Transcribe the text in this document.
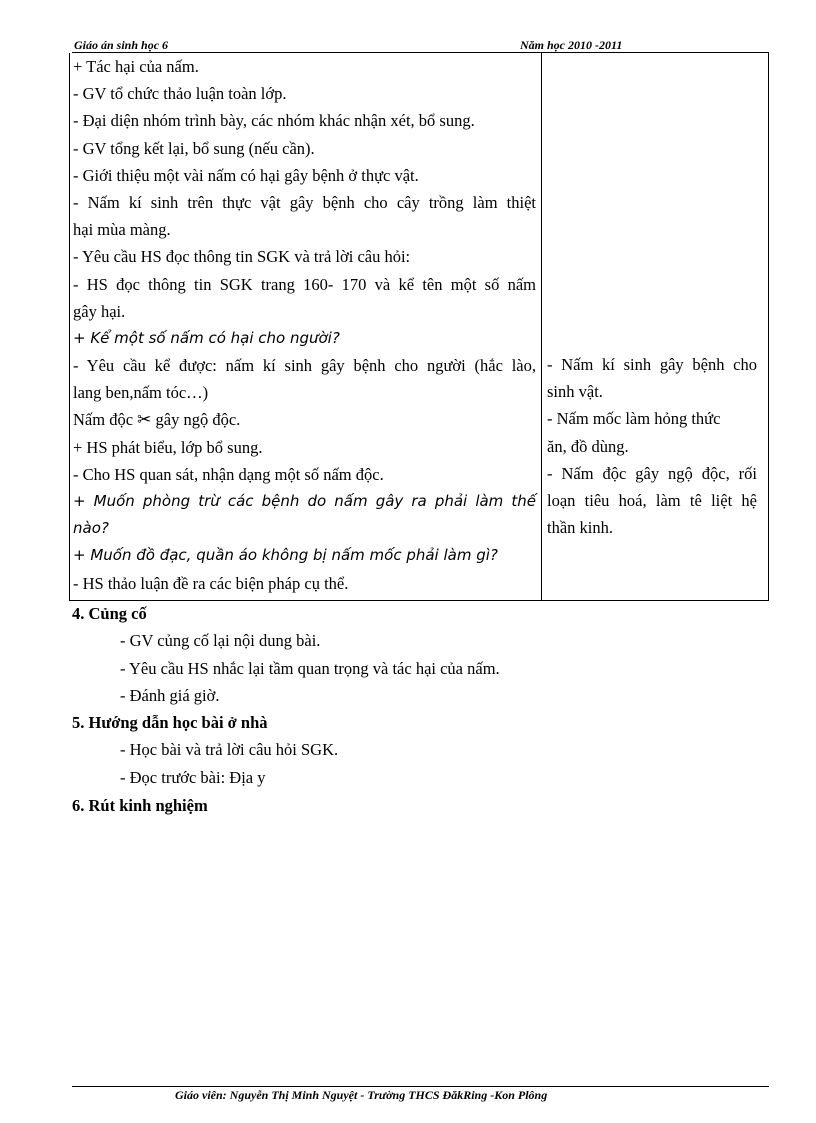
Giáo án sinh học 6	Năm học 2010 -2011
+ Tác hại của nấm.
- GV tổ chức thảo luận toàn lớp.
- Đại diện nhóm trình bày, các nhóm khác nhận xét, bổ sung.
- GV tổng kết lại, bổ sung (nếu cần).
- Giới thiệu một vài nấm có hại gây bệnh ở thực vật.
- Nấm kí sinh trên thực vật gây bệnh cho cây trồng làm thiệt
hại mùa màng.
- Yêu cầu HS đọc thông tin SGK và trả lời câu hỏi:
- HS đọc thông tin SGK trang 160- 170 và kể tên một số nấm
gây hại.
+ Kể một số nấm có hại cho người?
- Yêu cầu kể được: nấm kí sinh gây bệnh cho người (hắc lào,
lang ben,nấm tóc…)
Nấm độc ✂ gây ngộ độc.
+ HS phát biểu, lớp bổ sung.
- Cho HS quan sát, nhận dạng một số nấm độc.
+ Muốn phòng trừ các bệnh do nấm gây ra phải làm thế
nào?
+ Muốn đồ đạc, quần áo không bị nấm mốc phải làm gì?
- HS thảo luận đề ra các biện pháp cụ thể.
- Nấm kí sinh gây bệnh cho
sinh vật.
- Nấm mốc làm hỏng thức
ăn, đồ dùng.
- Nấm độc gây ngộ độc, rối
loạn tiêu hoá, làm tê liệt hệ
thần kinh.
4. Củng cố
- GV củng cố lại nội dung bài.
- Yêu cầu HS nhắc lại tầm quan trọng và tác hại của nấm.
- Đánh giá giờ.
5. Hướng dẫn học bài ở nhà
- Học bài và trả lời câu hỏi SGK.
- Đọc trước bài: Địa y
6. Rút kinh nghiệm
Giáo viên: Nguyễn Thị Minh Nguyệt - Trường THCS ĐăkRing -Kon Plông
